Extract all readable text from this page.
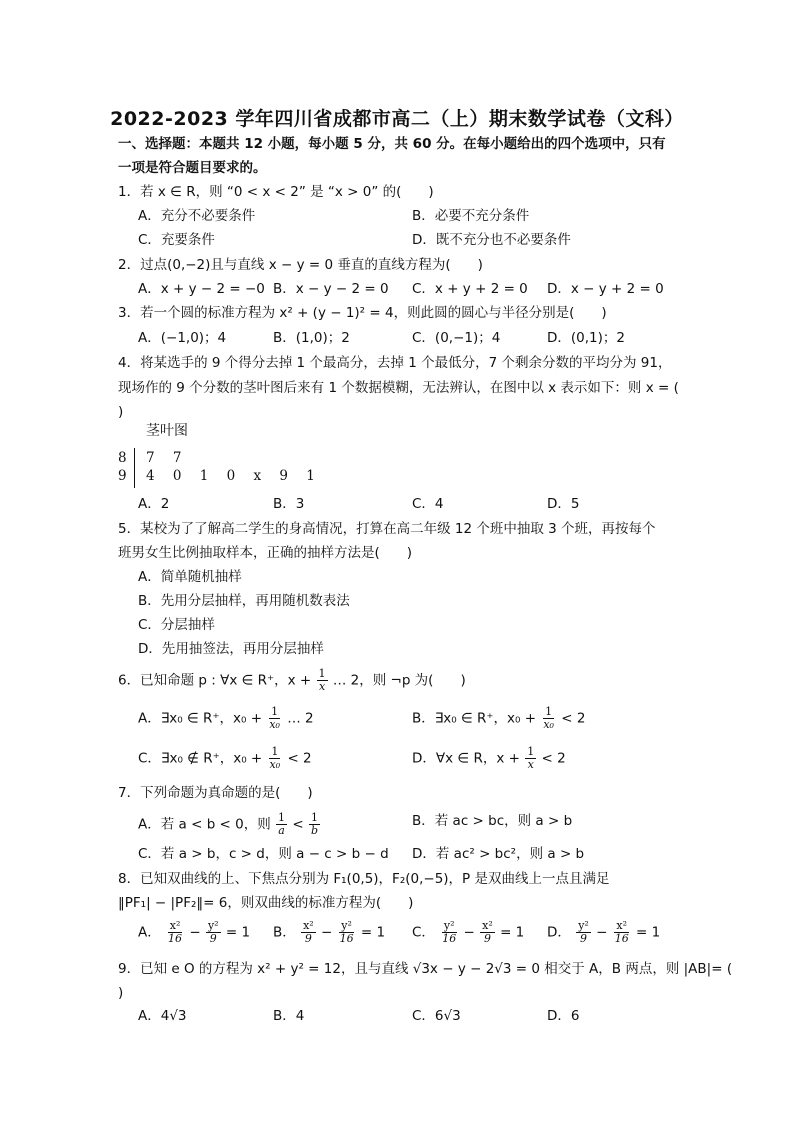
2022-2023 学年四川省成都市高二（上）期末数学试卷（文科）
一、选择题：本题共 12 小题，每小题 5 分，共 60 分。在每小题给出的四个选项中，只有
一项是符合题目要求的。
1．若 x ∈ R，则 “0 < x < 2” 是 “x > 0” 的(　　)
A．充分不必要条件	B．必要不充分条件
C．充要条件	D．既不充分也不必要条件
2．过点(0,−2)且与直线 x − y = 0 垂直的直线方程为(　　)
A．x + y − 2 = −0 B．x − y − 2 = 0 C．x + y + 2 = 0 D．x − y + 2 = 0
3．若一个圆的标准方程为 x² + (y − 1)² = 4，则此圆的圆心与半径分别是(　　)
A．(−1,0)；4	B．(1,0)；2	C．(0,−1)；4	D．(0,1)；2
4．将某选手的 9 个得分去掉 1 个最高分，去掉 1 个最低分，7 个剩余分数的平均分为 91，
现场作的 9 个分数的茎叶图后来有 1 个数据模糊，无法辨认，在图中以 x 表示如下：则 x = (
)
茎叶图
8 7 7
9 4 0 1 0 x 9 1
A．2	B．3	C．4	D．5
5．某校为了了解高二学生的身高情况，打算在高二年级 12 个班中抽取 3 个班，再按每个
班男女生比例抽取样本，正确的抽样方法是(　　)
A．简单随机抽样
B．先用分层抽样，再用随机数表法
C．分层抽样
D．先用抽签法，再用分层抽样
6．已知命题 p : ∀x ∈ R⁺，$x + \frac{1}{x}$ … 2，则 ¬p 为(　　)
A．∃x₀ ∈ R⁺，$x_0 + \frac{1}{\text{x₀}}$ … 2	B．∃x₀ ∈ R⁺，$x_0 + \frac{1}{\text{x₀}} < 2$
C．∃x₀ ∉ R⁺，$x_0 + \frac{1}{\text{x₀}} < 2$	D．∀x ∈ R，$x + \frac{1}{x} < 2$
7．下列命题为真命题的是(　　)
A．若 a < b < 0，则 $\frac{1}{a} < \frac{1}{b}$	B．若 ac > bc，则 a > b
C．若 a > b，c > d，则 a − c > b − d D．若 ac² > bc²，则 a > b
8．已知双曲线的上、下焦点分别为 F₁(0,5)，F₂(0,−5)，P 是双曲线上一点且满足
‖PF₁| − |PF₂‖= 6，则双曲线的标准方程为(　　)
A． $\frac{\text{x²}}{16} - \frac{\text{y²}}{9} = 1$ B． $\frac{\text{x²}}{9} - \frac{\text{y²}}{16} = 1$ C． $\frac{\text{y²}}{16} - \frac{\text{x²}}{9} = 1$ D． $\frac{\text{y²}}{9} - \frac{\text{x²}}{16} = 1$
9．已知 e O 的方程为 x² + y² = 12，且与直线 √3x − y − 2√3 = 0 相交于 A，B 两点，则 |AB|= (
)
A．4√3	B．4	C．6√3	D．6
